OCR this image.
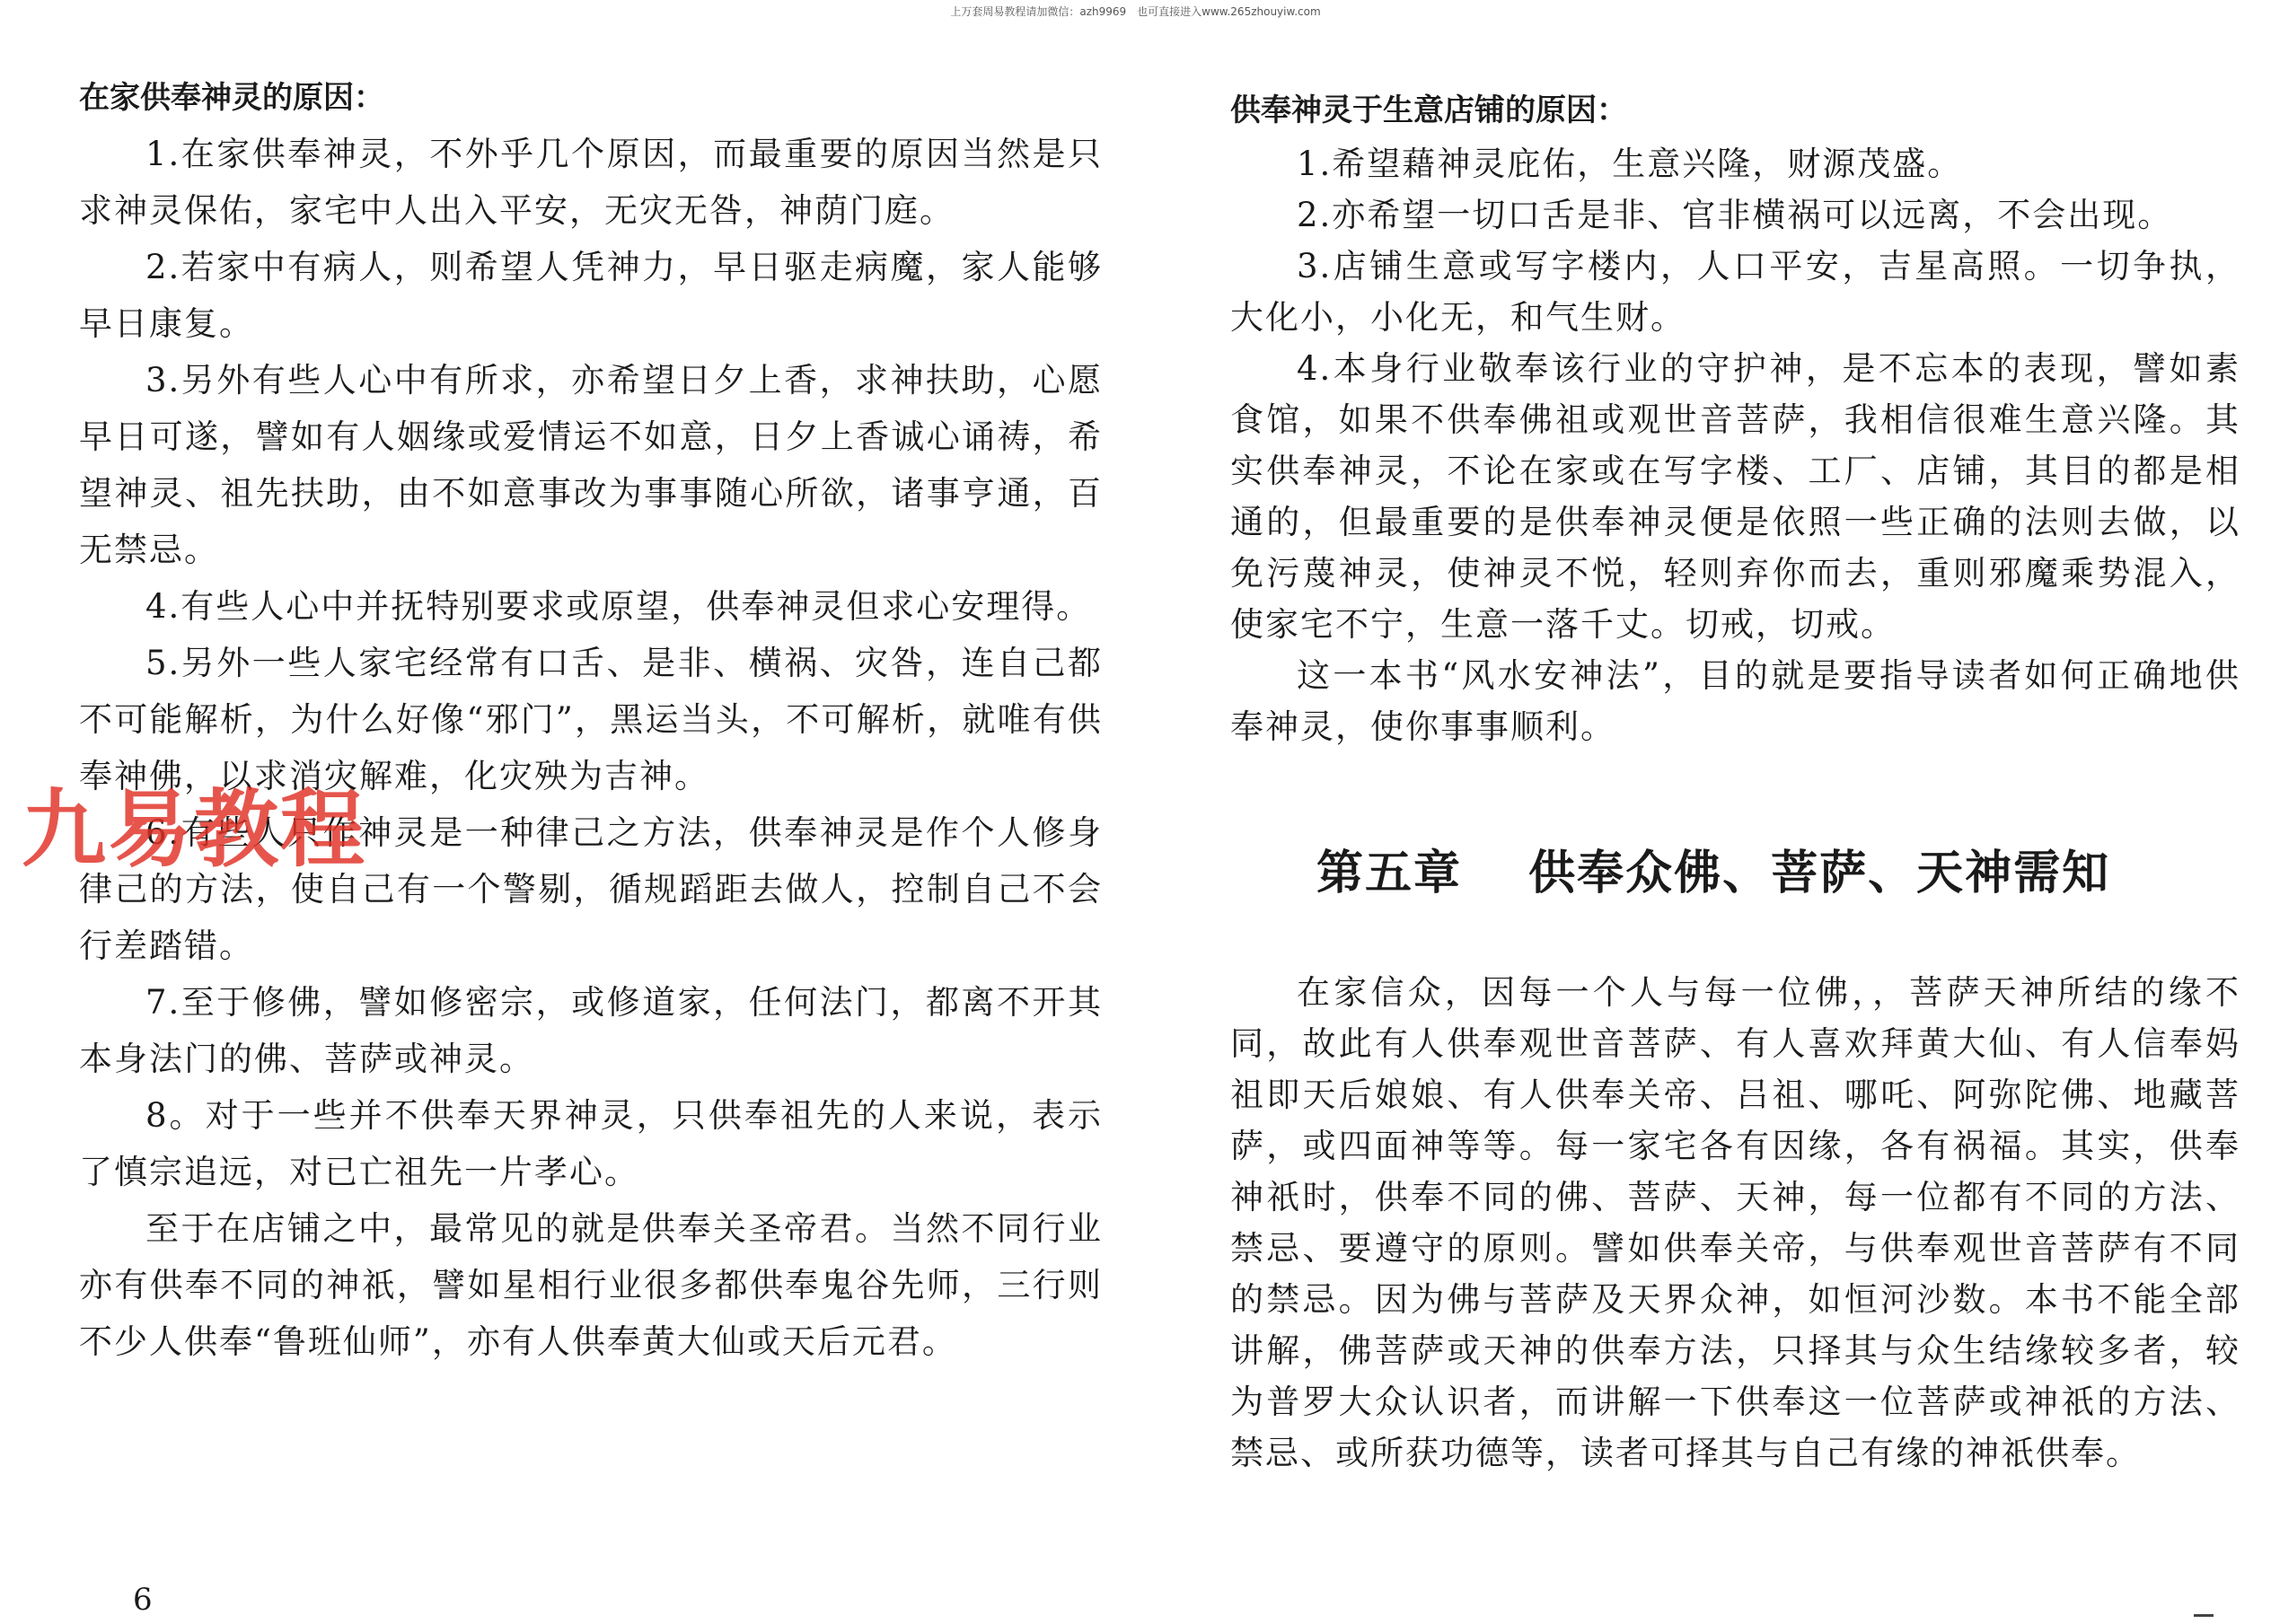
上万套周易教程请加微信：azh9969　也可直接进入www.265zhouyiw.com

在家供奉神灵的原因：

1.在家供奉神灵，不外乎几个原因，而最重要的原因当然是只求神灵保佑，家宅中人出入平安，无灾无咎，神荫门庭。

2.若家中有病人，则希望人凭神力，早日驱走病魔，家人能够早日康复。

3.另外有些人心中有所求，亦希望日夕上香，求神扶助，心愿早日可遂，譬如有人姻缘或爱情运不如意，日夕上香诚心诵祷，希望神灵、祖先扶助，由不如意事改为事事随心所欲，诸事亨通，百无禁忌。

4.有些人心中并抚特别要求或原望，供奉神灵但求心安理得。

5.另外一些人家宅经常有口舌、是非、横祸、灾咎，连自己都不可能解析，为什么好像“邪门”，黑运当头，不可解析，就唯有供奉神佛，以求消灾解难，化灾殃为吉神。

6.有些人只作神灵是一种律己之方法，供奉神灵是作个人修身律己的方法，使自己有一个警剔，循规蹈距去做人，控制自己不会行差踏错。

7.至于修佛，譬如修密宗，或修道家，任何法门，都离不开其本身法门的佛、菩萨或神灵。

8。对于一些并不供奉天界神灵，只供奉祖先的人来说，表示了慎宗追远，对已亡祖先一片孝心。

至于在店铺之中，最常见的就是供奉关圣帝君。当然不同行业亦有供奉不同的神祇，譬如星相行业很多都供奉鬼谷先师，三行则不少人供奉“鲁班仙师”，亦有人供奉黄大仙或天后元君。

九易教程
6

供奉神灵于生意店铺的原因：

1.希望藉神灵庇佑，生意兴隆，财源茂盛。

2.亦希望一切口舌是非、官非横祸可以远离，不会出现。

3.店铺生意或写字楼内，人口平安，吉星高照。一切争执，大化小，小化无，和气生财。

4.本身行业敬奉该行业的守护神，是不忘本的表现，譬如素食馆，如果不供奉佛祖或观世音菩萨，我相信很难生意兴隆。其实供奉神灵，不论在家或在写字楼、工厂、店铺，其目的都是相通的，但最重要的是供奉神灵便是依照一些正确的法则去做，以免污蔑神灵，使神灵不悦，轻则弃你而去，重则邪魔乘势混入，使家宅不宁，生意一落千丈。切戒，切戒。

这一本书“风水安神法”，目的就是要指导读者如何正确地供奉神灵，使你事事顺利。

第五章　 供奉众佛、菩萨、天神需知

在家信众，因每一个人与每一位佛，，菩萨天神所结的缘不同，故此有人供奉观世音菩萨、有人喜欢拜黄大仙、有人信奉妈祖即天后娘娘、有人供奉关帝、吕祖、哪吒、阿弥陀佛、地藏菩萨，或四面神等等。每一家宅各有因缘，各有祸福。其实，供奉神祇时，供奉不同的佛、菩萨、天神，每一位都有不同的方法、禁忌、要遵守的原则。譬如供奉关帝，与供奉观世音菩萨有不同的禁忌。因为佛与菩萨及天界众神，如恒河沙数。本书不能全部讲解，佛菩萨或天神的供奉方法，只择其与众生结缘较多者，较为普罗大众认识者，而讲解一下供奉这一位菩萨或神祇的方法、禁忌、或所获功德等，读者可择其与自己有缘的神祇供奉。
